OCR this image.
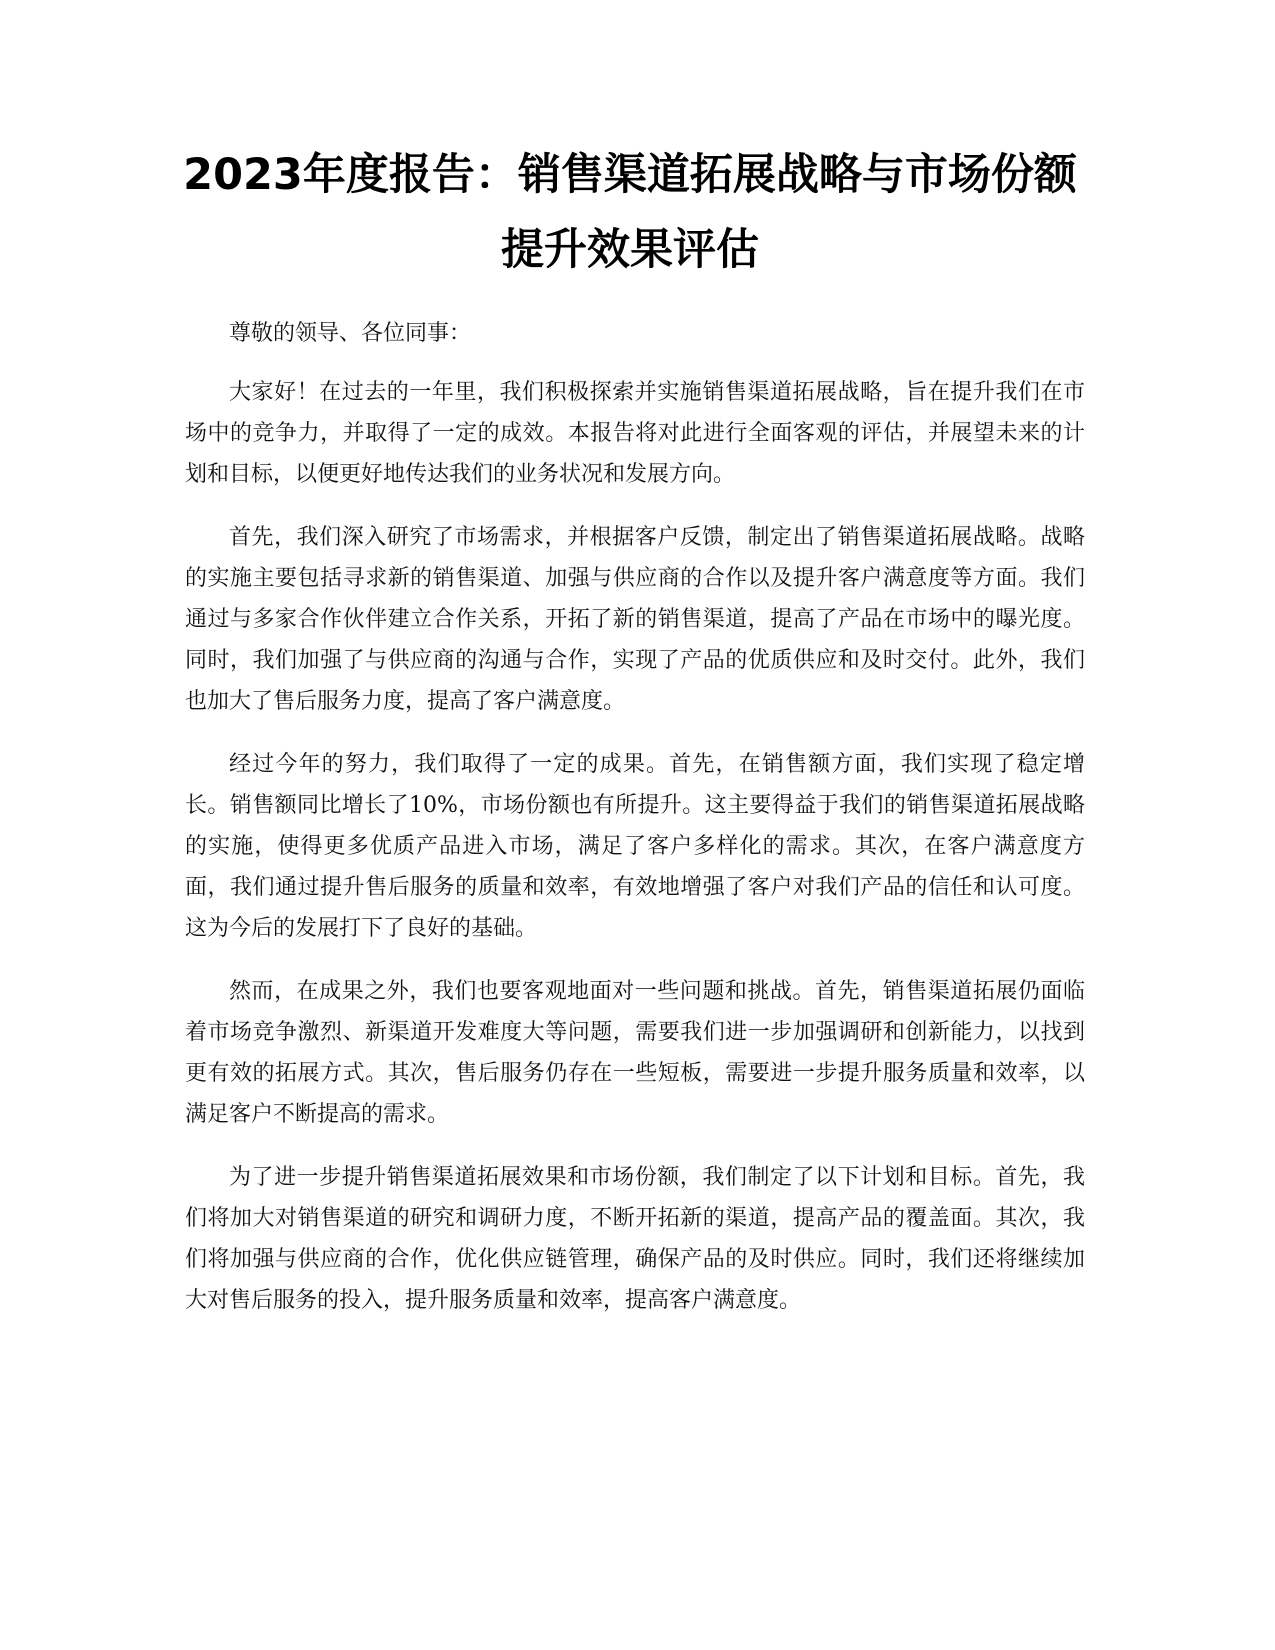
2023年度报告：销售渠道拓展战略与市场份额提升效果评估

尊敬的领导、各位同事：

大家好！在过去的一年里，我们积极探索并实施销售渠道拓展战略，旨在提升我们在市场中的竞争力，并取得了一定的成效。本报告将对此进行全面客观的评估，并展望未来的计划和目标，以便更好地传达我们的业务状况和发展方向。

首先，我们深入研究了市场需求，并根据客户反馈，制定出了销售渠道拓展战略。战略的实施主要包括寻求新的销售渠道、加强与供应商的合作以及提升客户满意度等方面。我们通过与多家合作伙伴建立合作关系，开拓了新的销售渠道，提高了产品在市场中的曝光度。同时，我们加强了与供应商的沟通与合作，实现了产品的优质供应和及时交付。此外，我们也加大了售后服务力度，提高了客户满意度。

经过今年的努力，我们取得了一定的成果。首先，在销售额方面，我们实现了稳定增长。销售额同比增长了10%，市场份额也有所提升。这主要得益于我们的销售渠道拓展战略的实施，使得更多优质产品进入市场，满足了客户多样化的需求。其次，在客户满意度方面，我们通过提升售后服务的质量和效率，有效地增强了客户对我们产品的信任和认可度。这为今后的发展打下了良好的基础。

然而，在成果之外，我们也要客观地面对一些问题和挑战。首先，销售渠道拓展仍面临着市场竞争激烈、新渠道开发难度大等问题，需要我们进一步加强调研和创新能力，以找到更有效的拓展方式。其次，售后服务仍存在一些短板，需要进一步提升服务质量和效率，以满足客户不断提高的需求。

为了进一步提升销售渠道拓展效果和市场份额，我们制定了以下计划和目标。首先，我们将加大对销售渠道的研究和调研力度，不断开拓新的渠道，提高产品的覆盖面。其次，我们将加强与供应商的合作，优化供应链管理，确保产品的及时供应。同时，我们还将继续加大对售后服务的投入，提升服务质量和效率，提高客户满意度。
